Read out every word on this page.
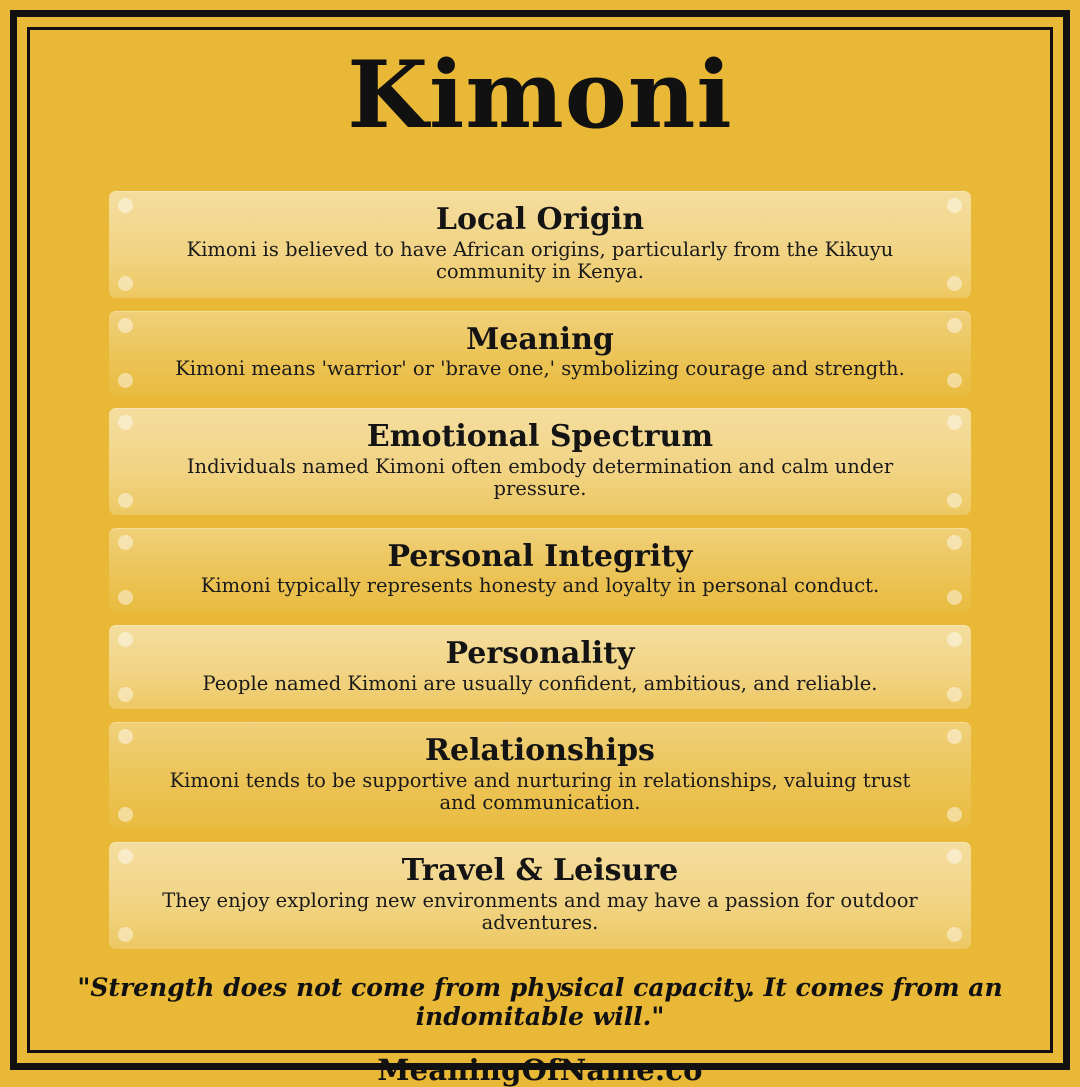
Kimoni
Local Origin
Kimoni is believed to have African origins, particularly from the Kikuyu community in Kenya.
Meaning
Kimoni means 'warrior' or 'brave one,' symbolizing courage and strength.
Emotional Spectrum
Individuals named Kimoni often embody determination and calm under pressure.
Personal Integrity
Kimoni typically represents honesty and loyalty in personal conduct.
Personality
People named Kimoni are usually confident, ambitious, and reliable.
Relationships
Kimoni tends to be supportive and nurturing in relationships, valuing trust and communication.
Travel & Leisure
They enjoy exploring new environments and may have a passion for outdoor adventures.
"Strength does not come from physical capacity. It comes from an indomitable will."
MeaningOfName.co
